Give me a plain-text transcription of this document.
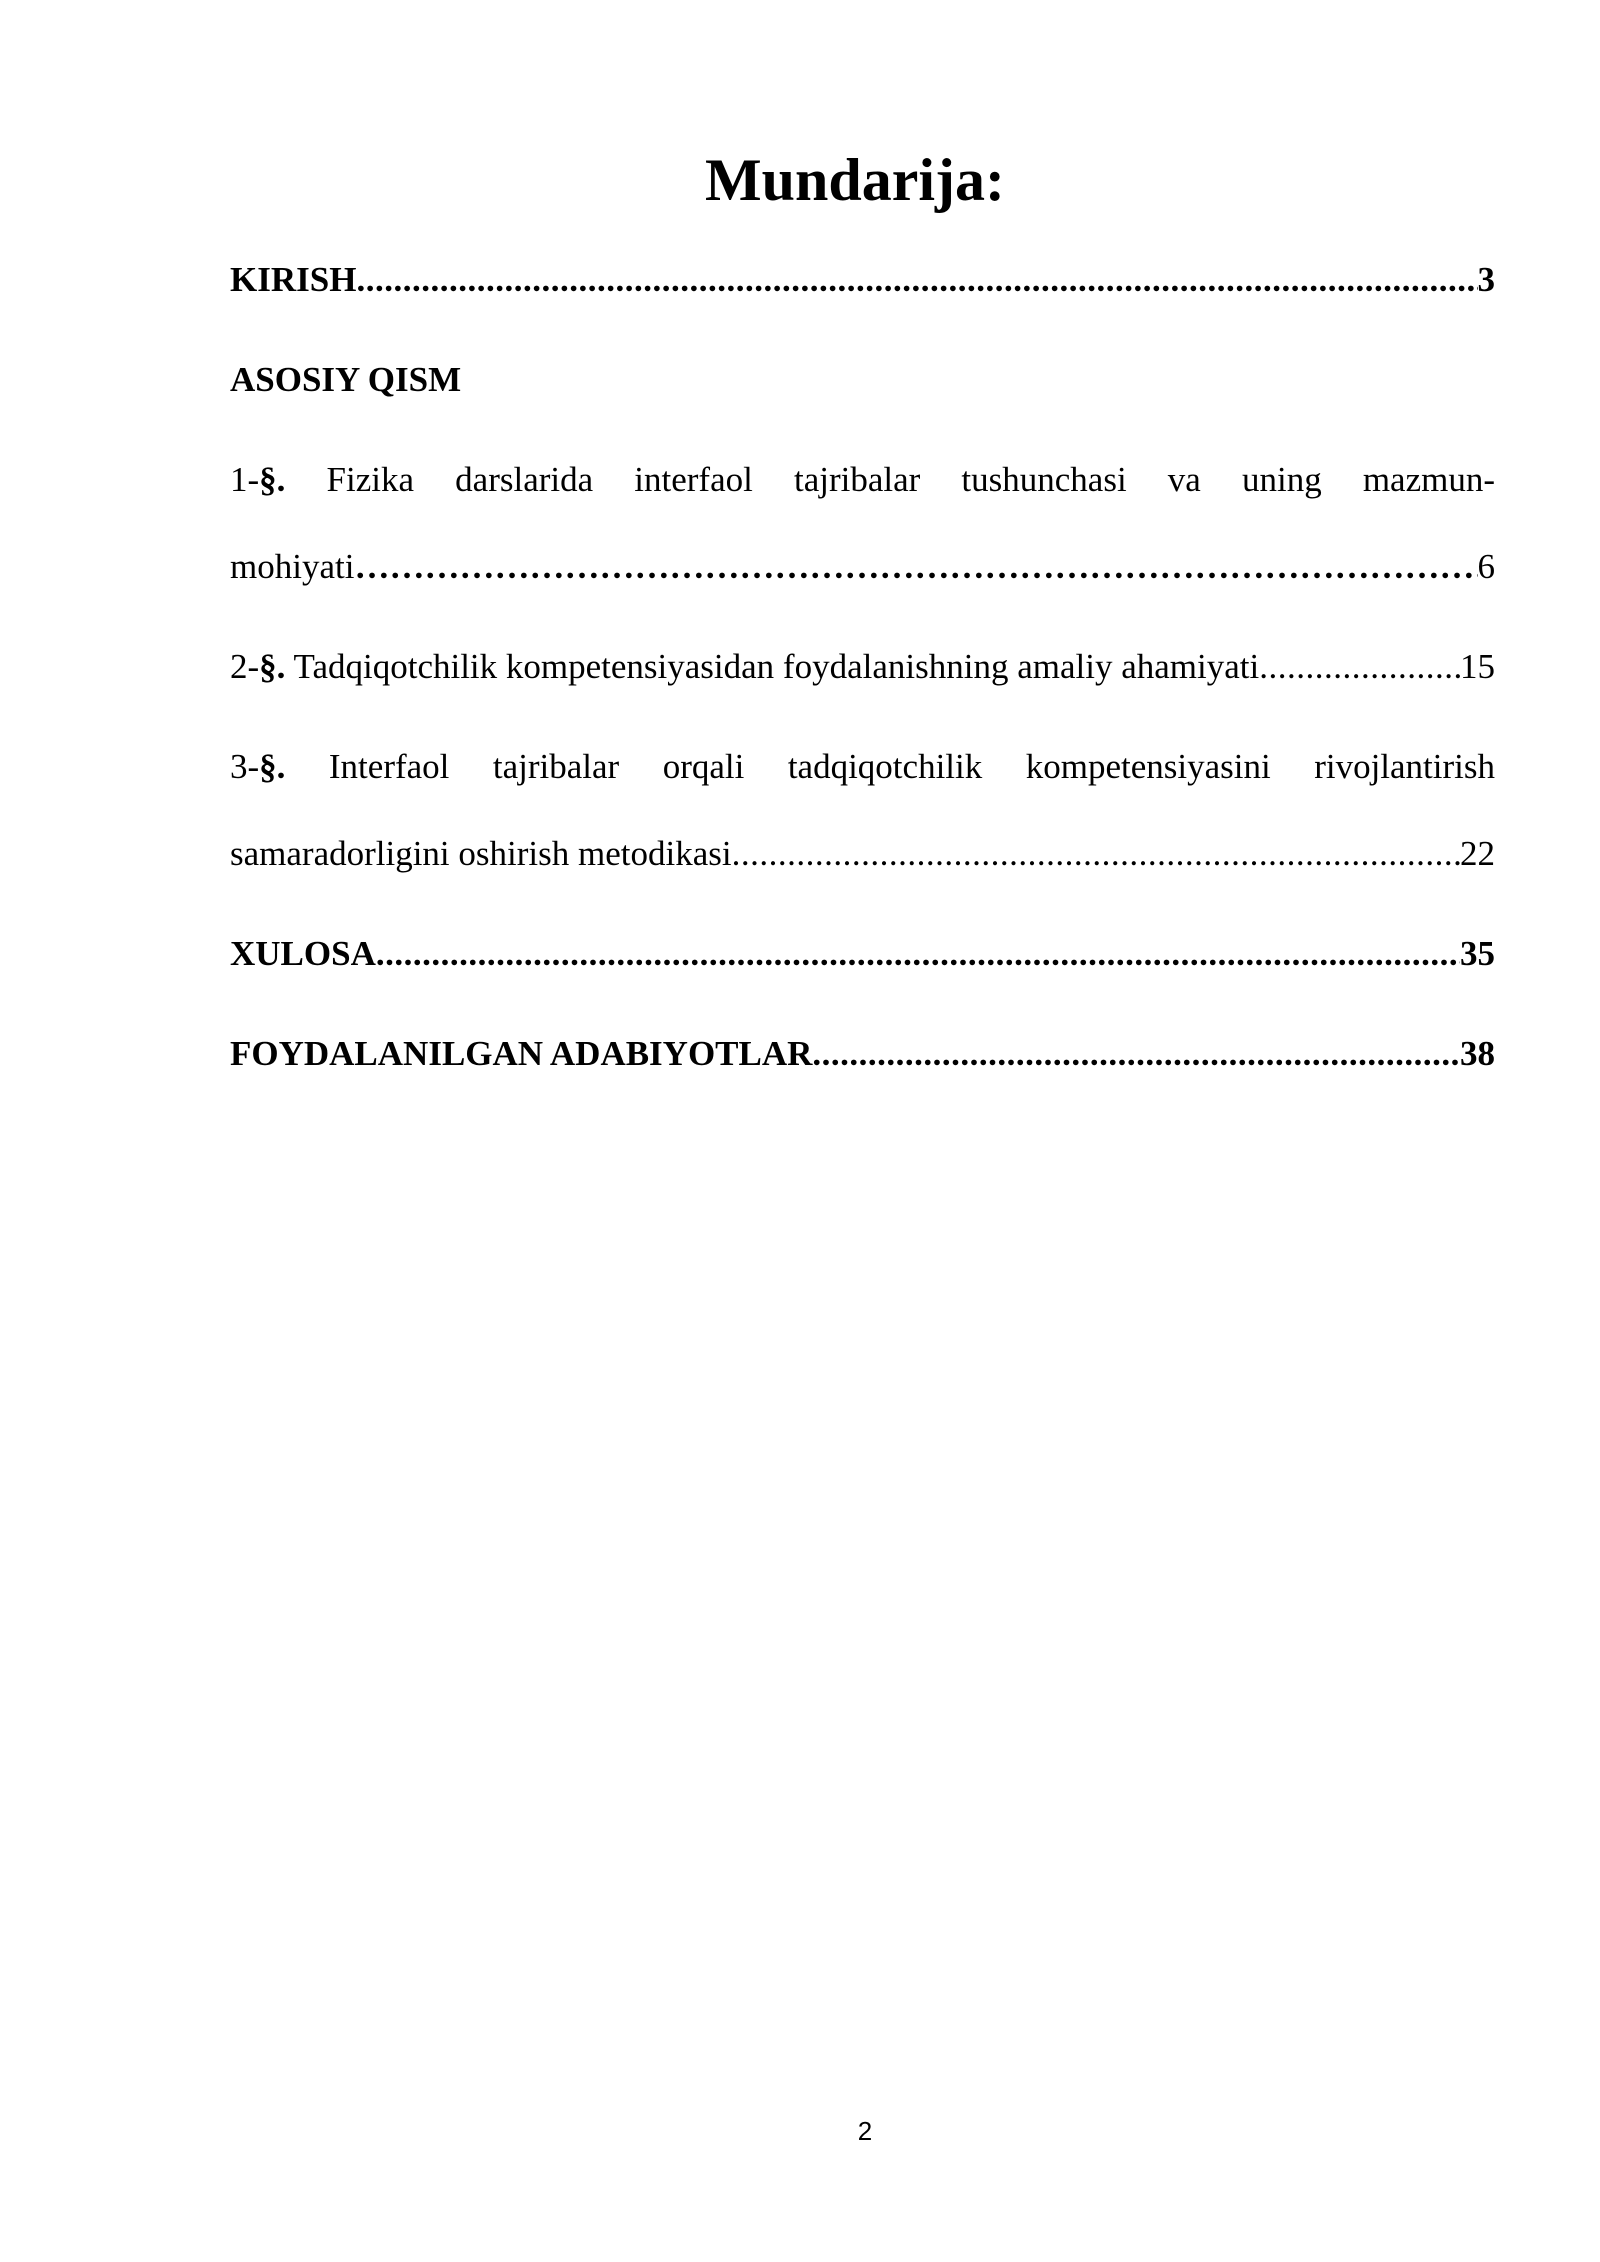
Mundarija:
KIRISH .....	3
ASOSIY QISM
1-§. Fizika darslarida interfaol tajribalar tushunchasi va uning mazmun-
mohiyati ……………………………………………………………………………………………………………………………………………………………	6
2-§. Tadqiqotchilik kompetensiyasidan foydalanishning amaliy ahamiyati .....	15
3-§. Interfaol tajribalar orqali tadqiqotchilik kompetensiyasini rivojlantirish
samaradorligini oshirish metodikasi .....	22
XULOSA .....	35
FOYDALANILGAN ADABIYOTLAR .....	38
2
